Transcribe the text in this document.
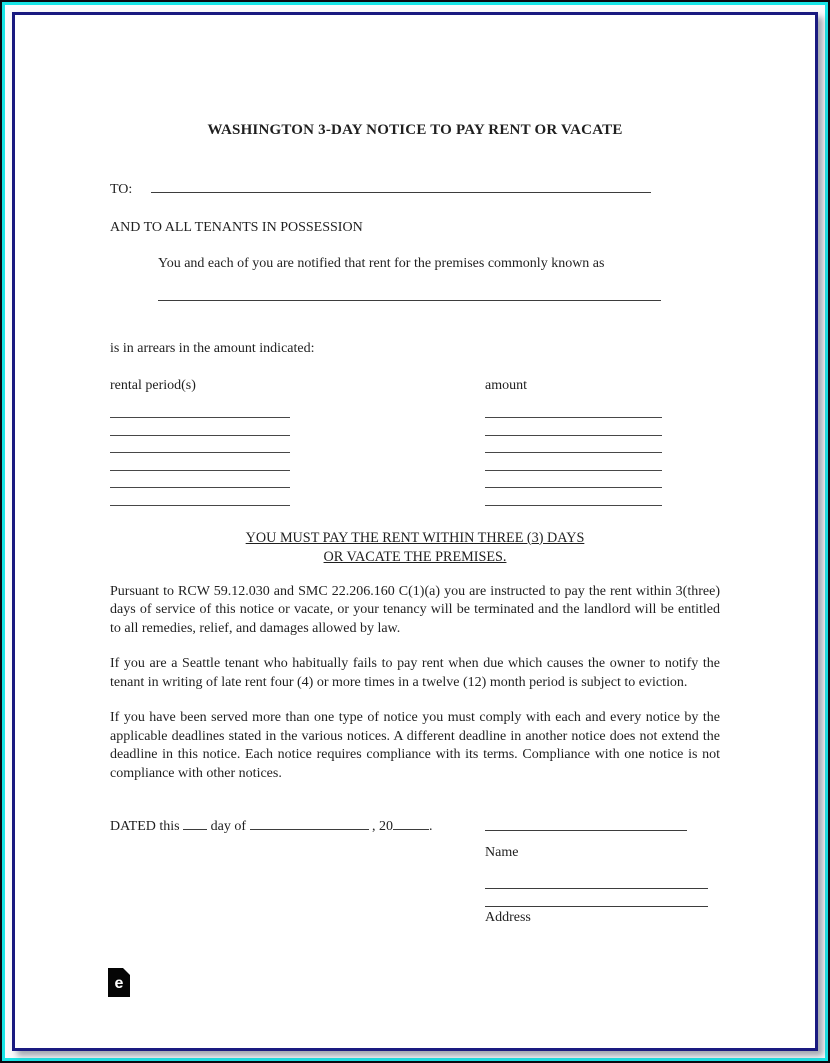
WASHINGTON 3-DAY NOTICE TO PAY RENT OR VACATE
TO:
AND TO ALL TENANTS IN POSSESSION
You and each of you are notified that rent for the premises commonly known as
is in arrears in the amount indicated:
rental period(s)	amount
YOU MUST PAY THE RENT WITHIN THREE (3) DAYS
OR VACATE THE PREMISES.

Pursuant to RCW 59.12.030 and SMC 22.206.160 C(1)(a) you are instructed to pay the rent within 3(three) days of service of this notice or vacate, or your tenancy will be terminated and the landlord will be entitled to all remedies, relief, and damages allowed by law.

If you are a Seattle tenant who habitually fails to pay rent when due which causes the owner to notify the tenant in writing of late rent four (4) or more times in a twelve (12) month period is subject to eviction.

If you have been served more than one type of notice you must comply with each and every notice by the applicable deadlines stated in the various notices. A different deadline in another notice does not extend the deadline in this notice. Each notice requires compliance with its terms. Compliance with one notice is not compliance with other notices.

DATED this day of	, 20	.
Name
Address
e
